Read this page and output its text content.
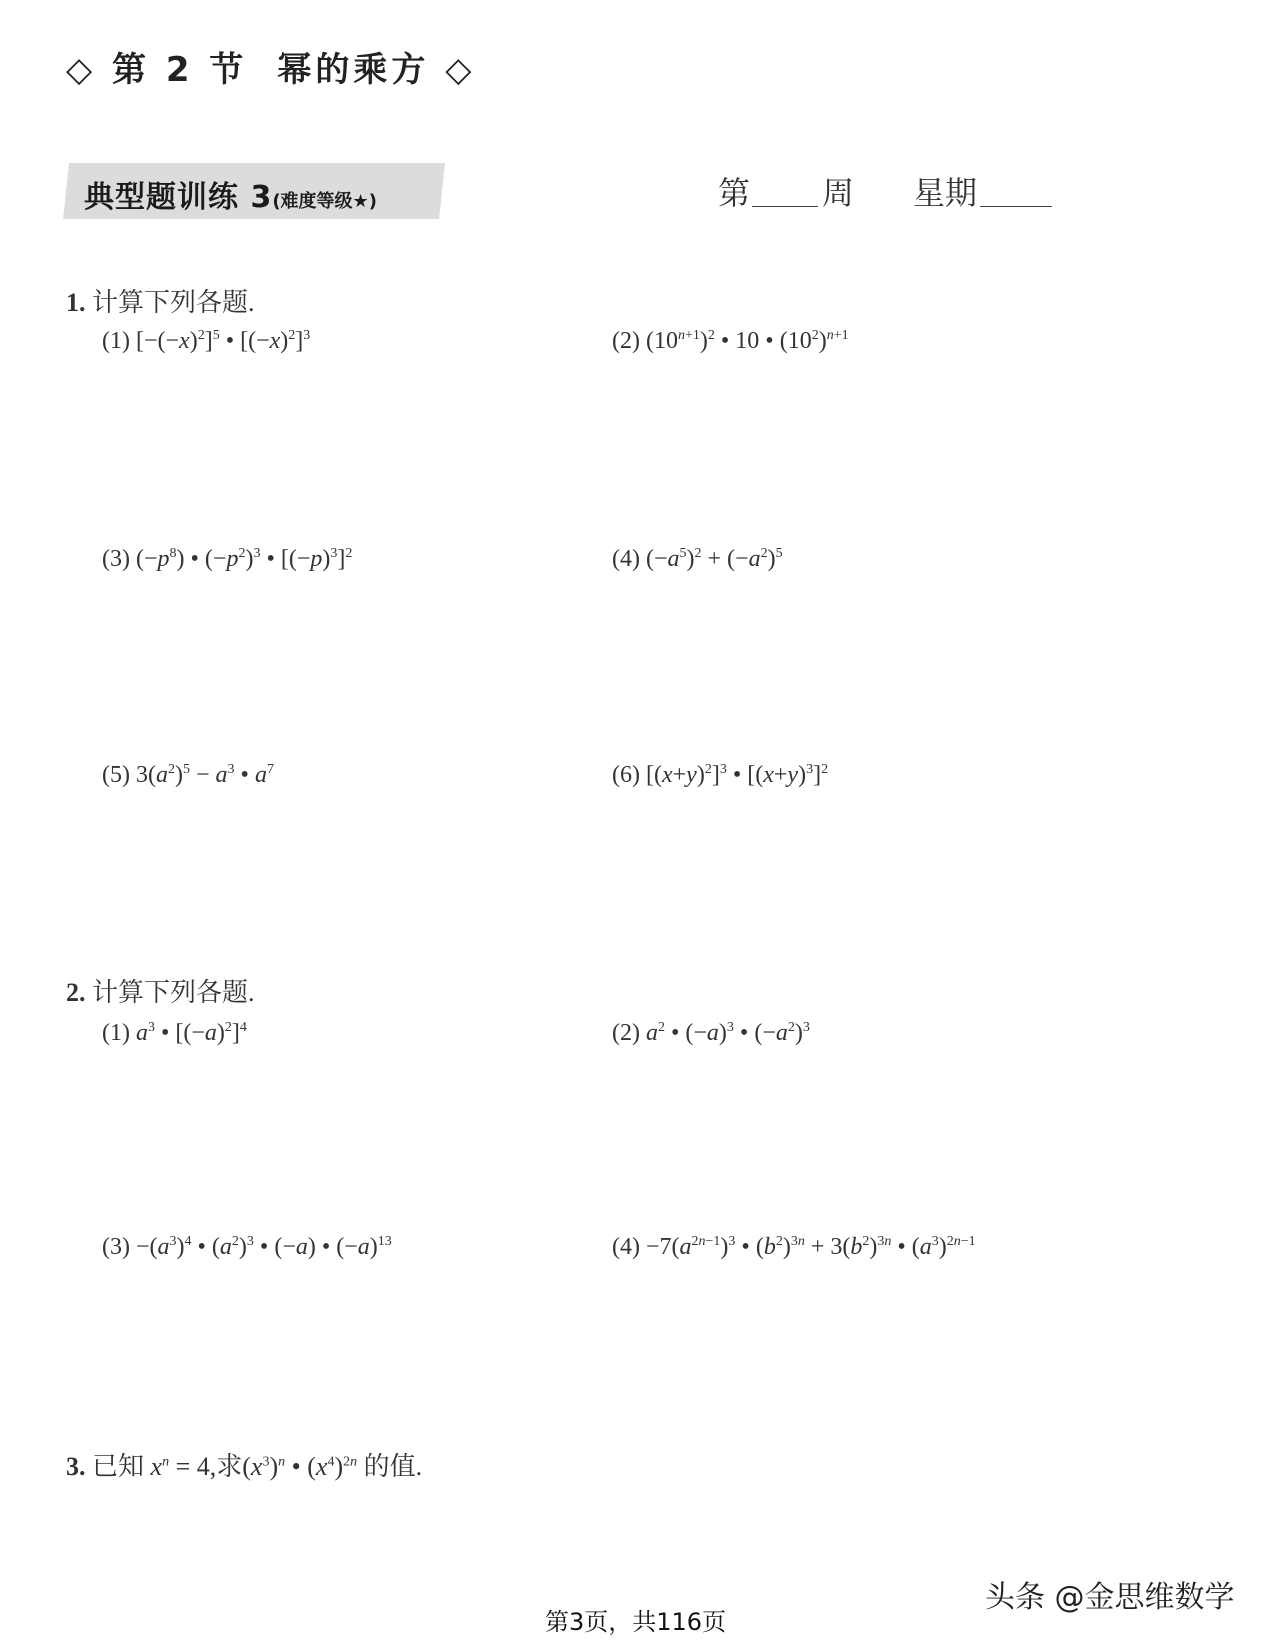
◇ 第 2 节 幂的乘方 ◇
典型题训练 3(难度等级★)	第 周 星期
1. 计算下列各题.
(1) $[-(-x)^2]^5$ • $[(-x)^2]^3$	(2) $(10^{n+1})^2$ • 10 • $(10^2)^{n+1}$
(3) $(-p^8)$ • $(-p^2)^3$ • $[(-p)^3]^2$	(4) $(-a^5)^2 + (-a^2)^5$
(5) $3(a^2)^5 - a^3$ • $a^7$	(6) $[(x+y)^2]^3$ • $[(x+y)^3]^2$
2. 计算下列各题.
(1) $a^3$ • $[(-a)^2]^4$	(2) $a^2$ • $(-a)^3$ • $(-a^2)^3$
$(3) -(a^3)^4$ • $(a^2)^3$ • (−a) • $(-a)^{13}$	$(4) -7(a^{2n-1})^3$ • $(b^2)^{3n} + 3(b^2)^{3n}$ • $(a^3)^{2n-1}$
3. 已知 $x^n = 4$,求$(x^3)^n$ • $(x^4)^{2n}$ 的值.
头条 @金思维数学
第3页，共116页
